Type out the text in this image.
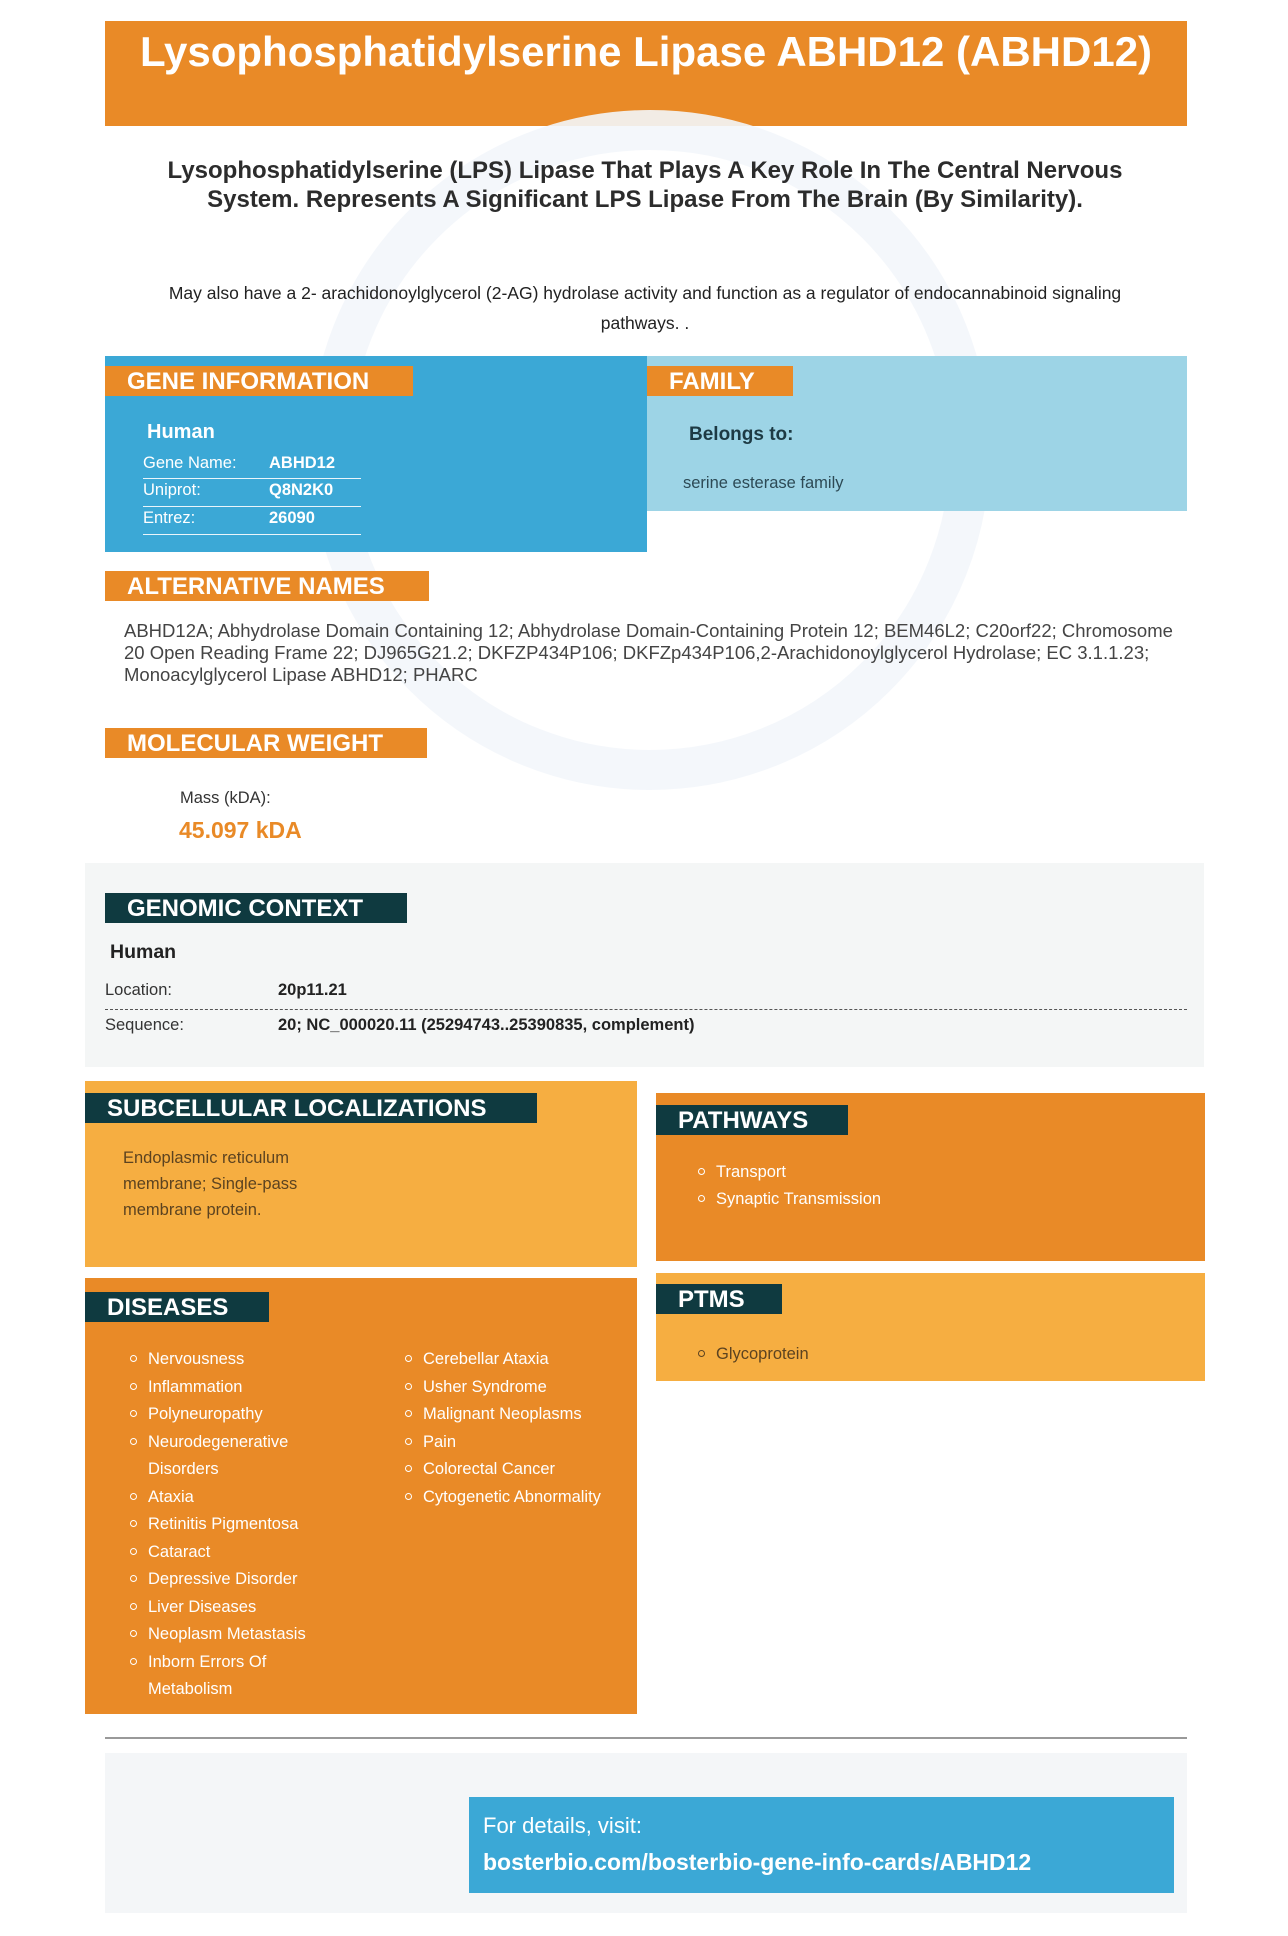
Lysophosphatidylserine Lipase ABHD12 (ABHD12)
Lysophosphatidylserine (LPS) Lipase That Plays A Key Role In The Central Nervous System. Represents A Significant LPS Lipase From The Brain (By Similarity).
May also have a 2- arachidonoylglycerol (2-AG) hydrolase activity and function as a regulator of endocannabinoid signaling pathways. .
GENE INFORMATION
Human
Gene Name: ABHD12
Uniprot:	Q8N2K0
Entrez:	26090
FAMILY
Belongs to:
serine esterase family
ALTERNATIVE NAMES
ABHD12A; Abhydrolase Domain Containing 12; Abhydrolase Domain-Containing Protein 12; BEM46L2; C20orf22; Chromosome 20 Open Reading Frame 22; DJ965G21.2; DKFZP434P106; DKFZp434P106,2-Arachidonoylglycerol Hydrolase; EC 3.1.1.23; Monoacylglycerol Lipase ABHD12; PHARC
MOLECULAR WEIGHT
Mass (kDA):
45.097 kDA
GENOMIC CONTEXT
Human
Location:	20p11.21
Sequence:	20; NC_000020.11 (25294743..25390835, complement)
SUBCELLULAR LOCALIZATIONS
Endoplasmic reticulum membrane; Single-pass membrane protein.
PATHWAYS
Transport
Synaptic Transmission
PTMS
Glycoprotein
DISEASES
Nervousness
Inflammation
Polyneuropathy
Neurodegenerative Disorders
Ataxia
Retinitis Pigmentosa
Cataract
Depressive Disorder
Liver Diseases
Neoplasm Metastasis
Inborn Errors Of Metabolism
Cerebellar Ataxia
Usher Syndrome
Malignant Neoplasms
Pain
Colorectal Cancer
Cytogenetic Abnormality
For details, visit:
bosterbio.com/bosterbio-gene-info-cards/ABHD12
